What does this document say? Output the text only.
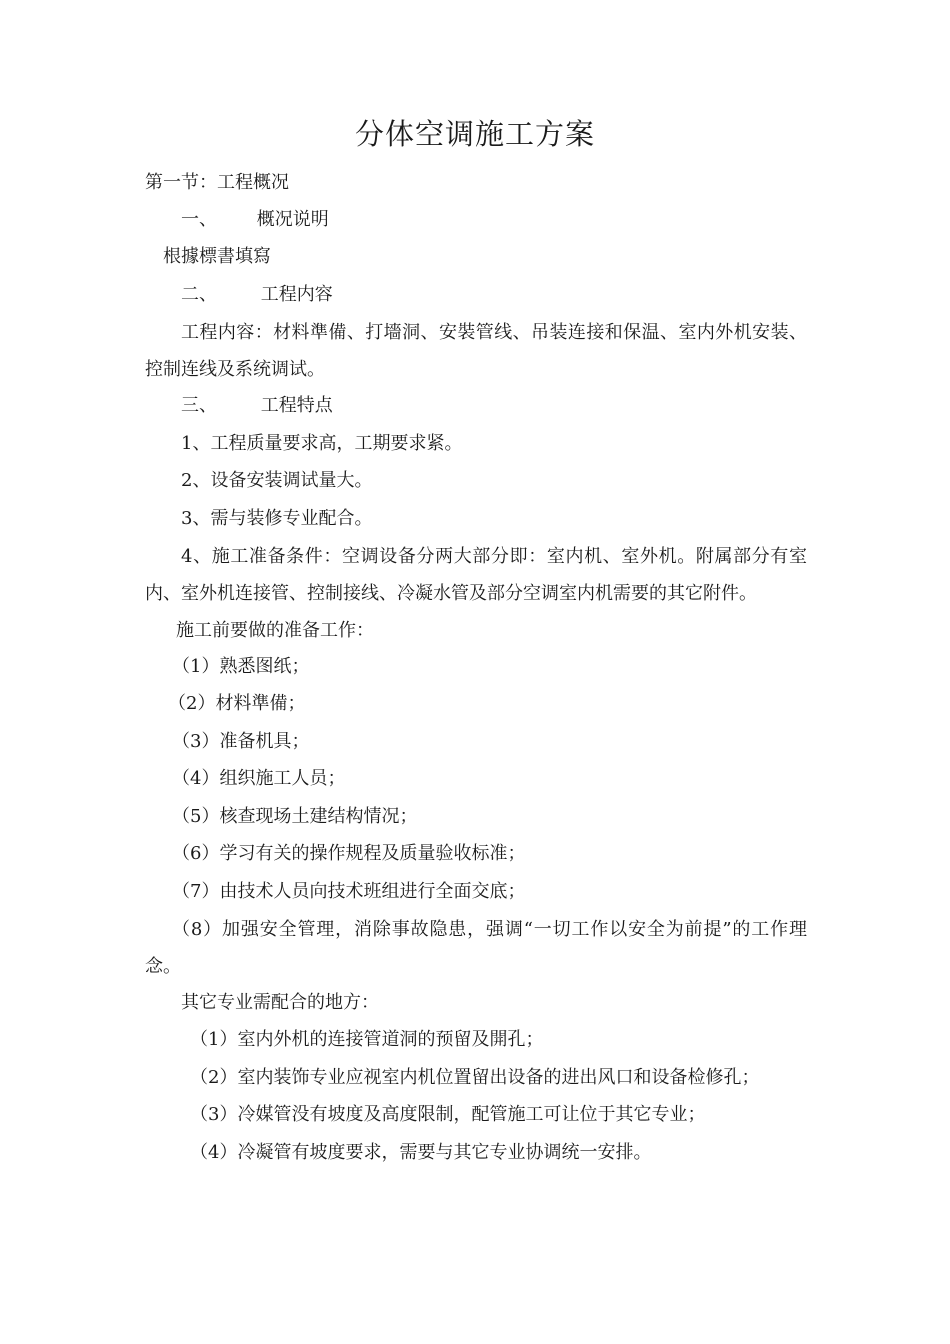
分体空调施工方案
第一节：工程概况
一、 概况说明
根據標書填寫
二、 工程内容
工程内容：材料準備、打墻洞、安裝管线、吊装连接和保温、室内外机安装、控制连线及系统调试。
三、 工程特点
1、工程质量要求高，工期要求紧。
2、设备安装调试量大。
3、需与装修专业配合。
4、施工准备条件：空调设备分两大部分即：室内机、室外机。附属部分有室内、室外机连接管、控制接线、冷凝水管及部分空调室内机需要的其它附件。
施工前要做的准备工作：
（1）熟悉图纸；
（2）材料準備；
（3）准备机具；
（4）组织施工人员；
（5）核查现场土建结构情况；
（6）学习有关的操作规程及质量验收标准；
（7）由技术人员向技术班组进行全面交底；
（8）加强安全管理，消除事故隐患，强调“一切工作以安全为前提”的工作理念。
其它专业需配合的地方：
（1）室内外机的连接管道洞的预留及開孔；
（2）室内装饰专业应视室内机位置留出设备的进出风口和设备检修孔；
（3）冷媒管没有坡度及高度限制，配管施工可让位于其它专业；
（4）冷凝管有坡度要求，需要与其它专业协调统一安排。
